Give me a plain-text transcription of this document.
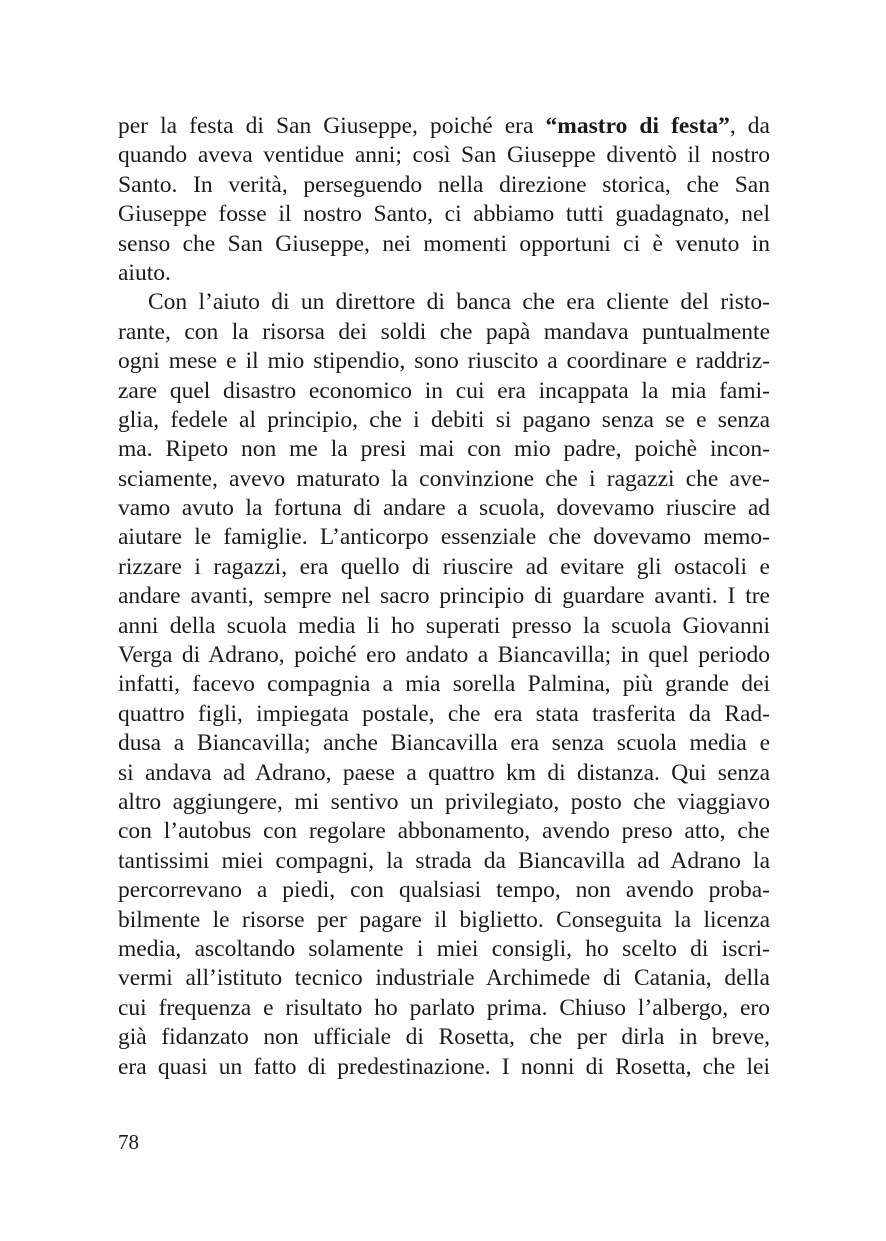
per la festa di San Giuseppe, poiché era “mastro di festa”, da
quando aveva ventidue anni; così San Giuseppe diventò il nostro
Santo. In verità, perseguendo nella direzione storica, che San
Giuseppe fosse il nostro Santo, ci abbiamo tutti guadagnato, nel
senso che San Giuseppe, nei momenti opportuni ci è venuto in
aiuto.
Con l’aiuto di un direttore di banca che era cliente del risto-
rante, con la risorsa dei soldi che papà mandava puntualmente
ogni mese e il mio stipendio, sono riuscito a coordinare e raddriz-
zare quel disastro economico in cui era incappata la mia fami-
glia, fedele al principio, che i debiti si pagano senza se e senza
ma. Ripeto non me la presi mai con mio padre, poichè incon-
sciamente, avevo maturato la convinzione che i ragazzi che ave-
vamo avuto la fortuna di andare a scuola, dovevamo riuscire ad
aiutare le famiglie. L’anticorpo essenziale che dovevamo memo-
rizzare i ragazzi, era quello di riuscire ad evitare gli ostacoli e
andare avanti, sempre nel sacro principio di guardare avanti. I tre
anni della scuola media li ho superati presso la scuola Giovanni
Verga di Adrano, poiché ero andato a Biancavilla; in quel periodo
infatti, facevo compagnia a mia sorella Palmina, più grande dei
quattro figli, impiegata postale, che era stata trasferita da Rad-
dusa a Biancavilla; anche Biancavilla era senza scuola media e
si andava ad Adrano, paese a quattro km di distanza. Qui senza
altro aggiungere, mi sentivo un privilegiato, posto che viaggiavo
con l’autobus con regolare abbonamento, avendo preso atto, che
tantissimi miei compagni, la strada da Biancavilla ad Adrano la
percorrevano a piedi, con qualsiasi tempo, non avendo proba-
bilmente le risorse per pagare il biglietto. Conseguita la licenza
media, ascoltando solamente i miei consigli, ho scelto di iscri-
vermi all’istituto tecnico industriale Archimede di Catania, della
cui frequenza e risultato ho parlato prima. Chiuso l’albergo, ero
già fidanzato non ufficiale di Rosetta, che per dirla in breve,
era quasi un fatto di predestinazione. I nonni di Rosetta, che lei
78
